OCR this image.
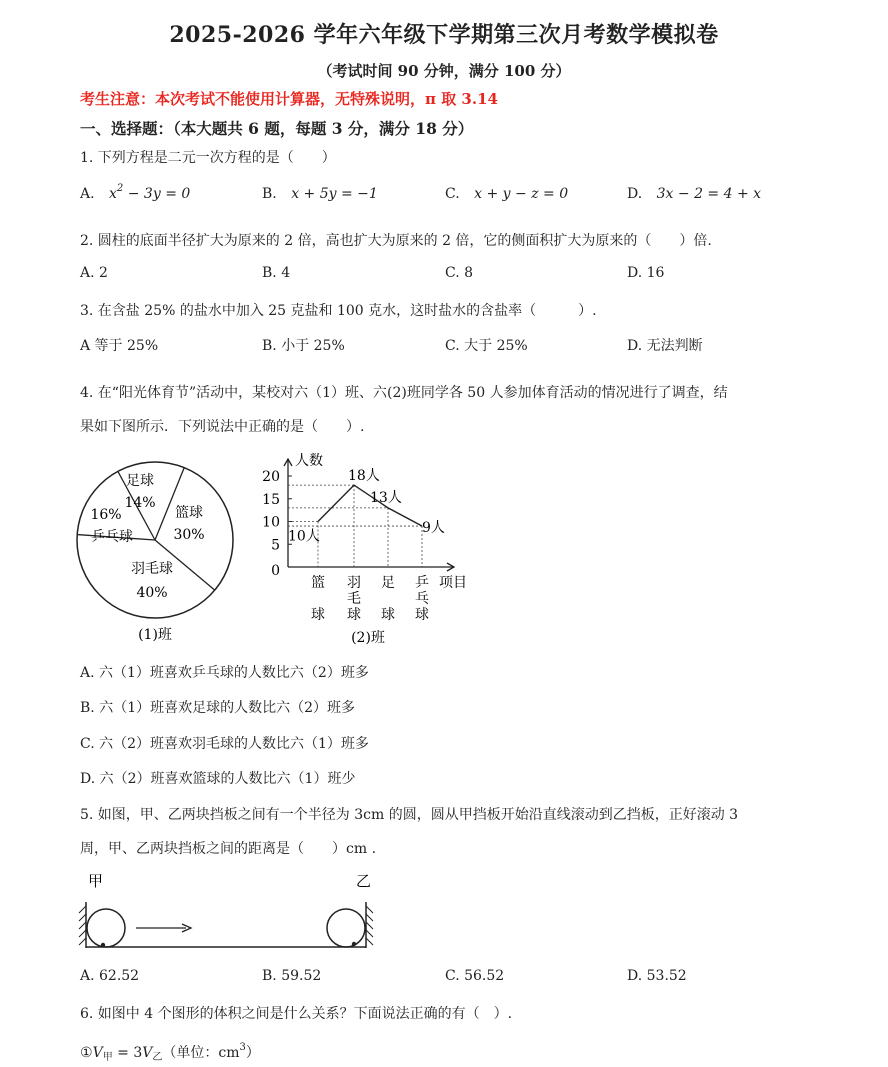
2025-2026 学年六年级下学期第三次月考数学模拟卷
（考试时间 90 分钟，满分 100 分）
考生注意：本次考试不能使用计算器，无特殊说明，π 取 3.14
一、选择题：（本大题共 6 题，每题 3 分，满分 18 分）
1. 下列方程是二元一次方程的是（　　）
A. $x^2 - 3y = 0$	B. x + 5y = −1	C. x + y − z = 0	D. 3x − 2 = 4 + x
2. 圆柱的底面半径扩大为原来的 2 倍，高也扩大为原来的 2 倍，它的侧面积扩大为原来的（　　）倍.
A. 2	B. 4	C. 8	D. 16
3. 在含盐 25% 的盐水中加入 25 克盐和 100 克水，这时盐水的含盐率（　　　）.
A 等于 25%	B. 小于 25%	C. 大于 25%	D. 无法判断
4. 在“阳光体育节”活动中，某校对六（1）班、六(2)班同学各 50 人参加体育活动的情况进行了调查，结
果如下图所示．下列说法中正确的是（　　）.
篮球
30%
羽毛球
40%
16%
乒乓球
足球
14%
(1)班
人数
项目
0
5
10
15
20
10人
18人
13人
9人
篮
球
羽
毛
球
足
球
乒
乓
球
(2)班
A. 六（1）班喜欢乒乓球的人数比六（2）班多
B. 六（1）班喜欢足球的人数比六（2）班多
C. 六（2）班喜欢羽毛球的人数比六（1）班多
D. 六（2）班喜欢篮球的人数比六（1）班少
5. 如图，甲、乙两块挡板之间有一个半径为 3cm 的圆，圆从甲挡板开始沿直线滚动到乙挡板，正好滚动 3
周，甲、乙两块挡板之间的距离是（　　）cm .
甲	乙
A. 62.52	B. 59.52	C. 56.52	D. 53.52
6. 如图中 4 个图形的体积之间是什么关系？下面说法正确的有（　）.
$①V_甲 = 3V_乙$（单位：$cm^3$）
